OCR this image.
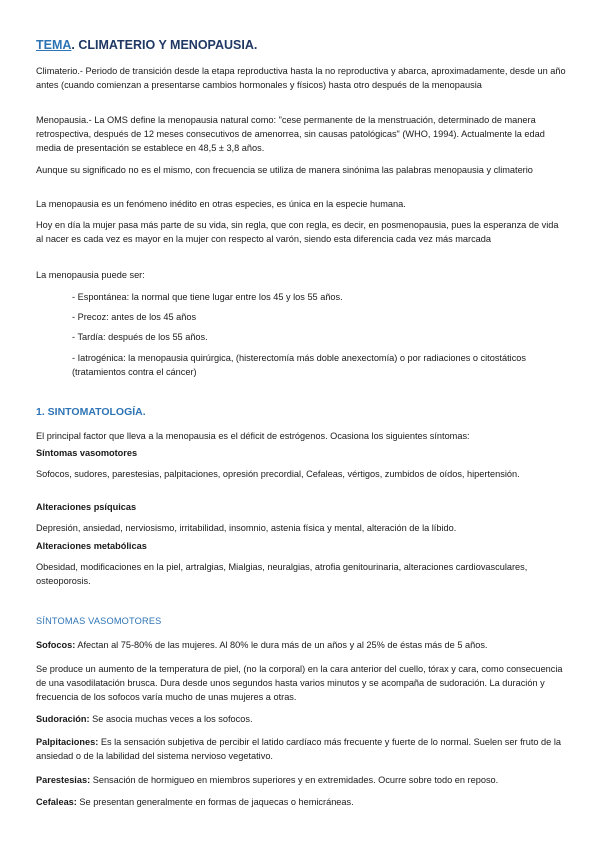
TEMA. CLIMATERIO Y MENOPAUSIA.

Climaterio.- Periodo de transición desde la etapa reproductiva hasta la no reproductiva y abarca, aproximadamente, desde un año antes (cuando comienzan a presentarse cambios hormonales y físicos) hasta otro después de la menopausia

Menopausia.- La OMS define la menopausia natural como: "cese permanente de la menstruación, determinado de manera retrospectiva, después de 12 meses consecutivos de amenorrea, sin causas patológicas" (WHO, 1994). Actualmente la edad media de presentación se establece en 48,5 ± 3,8 años.

Aunque su significado no es el mismo, con frecuencia se utiliza de manera sinónima las palabras menopausia y climaterio

La menopausia es un fenómeno inédito en otras especies, es única en la especie humana.

Hoy en día la mujer pasa más parte de su vida, sin regla, que con regla, es decir, en posmenopausia, pues la esperanza de vida al nacer es cada vez es mayor en la mujer con respecto al varón, siendo esta diferencia cada vez más marcada

La menopausia puede ser:

- Espontánea: la normal que tiene lugar entre los 45 y los 55 años.

- Precoz: antes de los 45 años

- Tardía: después de los 55 años.

- Iatrogénica: la menopausia quirúrgica, (histerectomía más doble anexectomía) o por radiaciones o citostáticos (tratamientos contra el cáncer)

1. SINTOMATOLOGÍA.

El principal factor que lleva a la menopausia es el déficit de estrógenos. Ocasiona los siguientes síntomas:

Síntomas vasomotores

Sofocos, sudores, parestesias, palpitaciones, opresión precordial, Cefaleas, vértigos, zumbidos de oídos, hipertensión.

Alteraciones psíquicas

Depresión, ansiedad, nerviosismo, irritabilidad, insomnio, astenia física y mental, alteración de la líbido.

Alteraciones metabólicas

Obesidad, modificaciones en la piel, artralgias, Mialgias, neuralgias, atrofia genitourinaria, alteraciones cardiovasculares, osteoporosis.

SÍNTOMAS VASOMOTORES

Sofocos: Afectan al 75-80% de las mujeres. Al 80% le dura más de un años y al 25% de éstas más de 5 años.

Se produce un aumento de la temperatura de piel, (no la corporal) en la cara anterior del cuello, tórax y cara, como consecuencia de una vasodilatación brusca. Dura desde unos segundos hasta varios minutos y se acompaña de sudoración. La duración y frecuencia de los sofocos varía mucho de unas mujeres a otras.

Sudoración: Se asocia muchas veces a los sofocos.

Palpitaciones: Es la sensación subjetiva de percibir el latido cardíaco más frecuente y fuerte de lo normal. Suelen ser fruto de la ansiedad o de la labilidad del sistema nervioso vegetativo.

Parestesias: Sensación de hormigueo en miembros superiores y en extremidades. Ocurre sobre todo en reposo.

Cefaleas: Se presentan generalmente en formas de jaquecas o hemicráneas.
